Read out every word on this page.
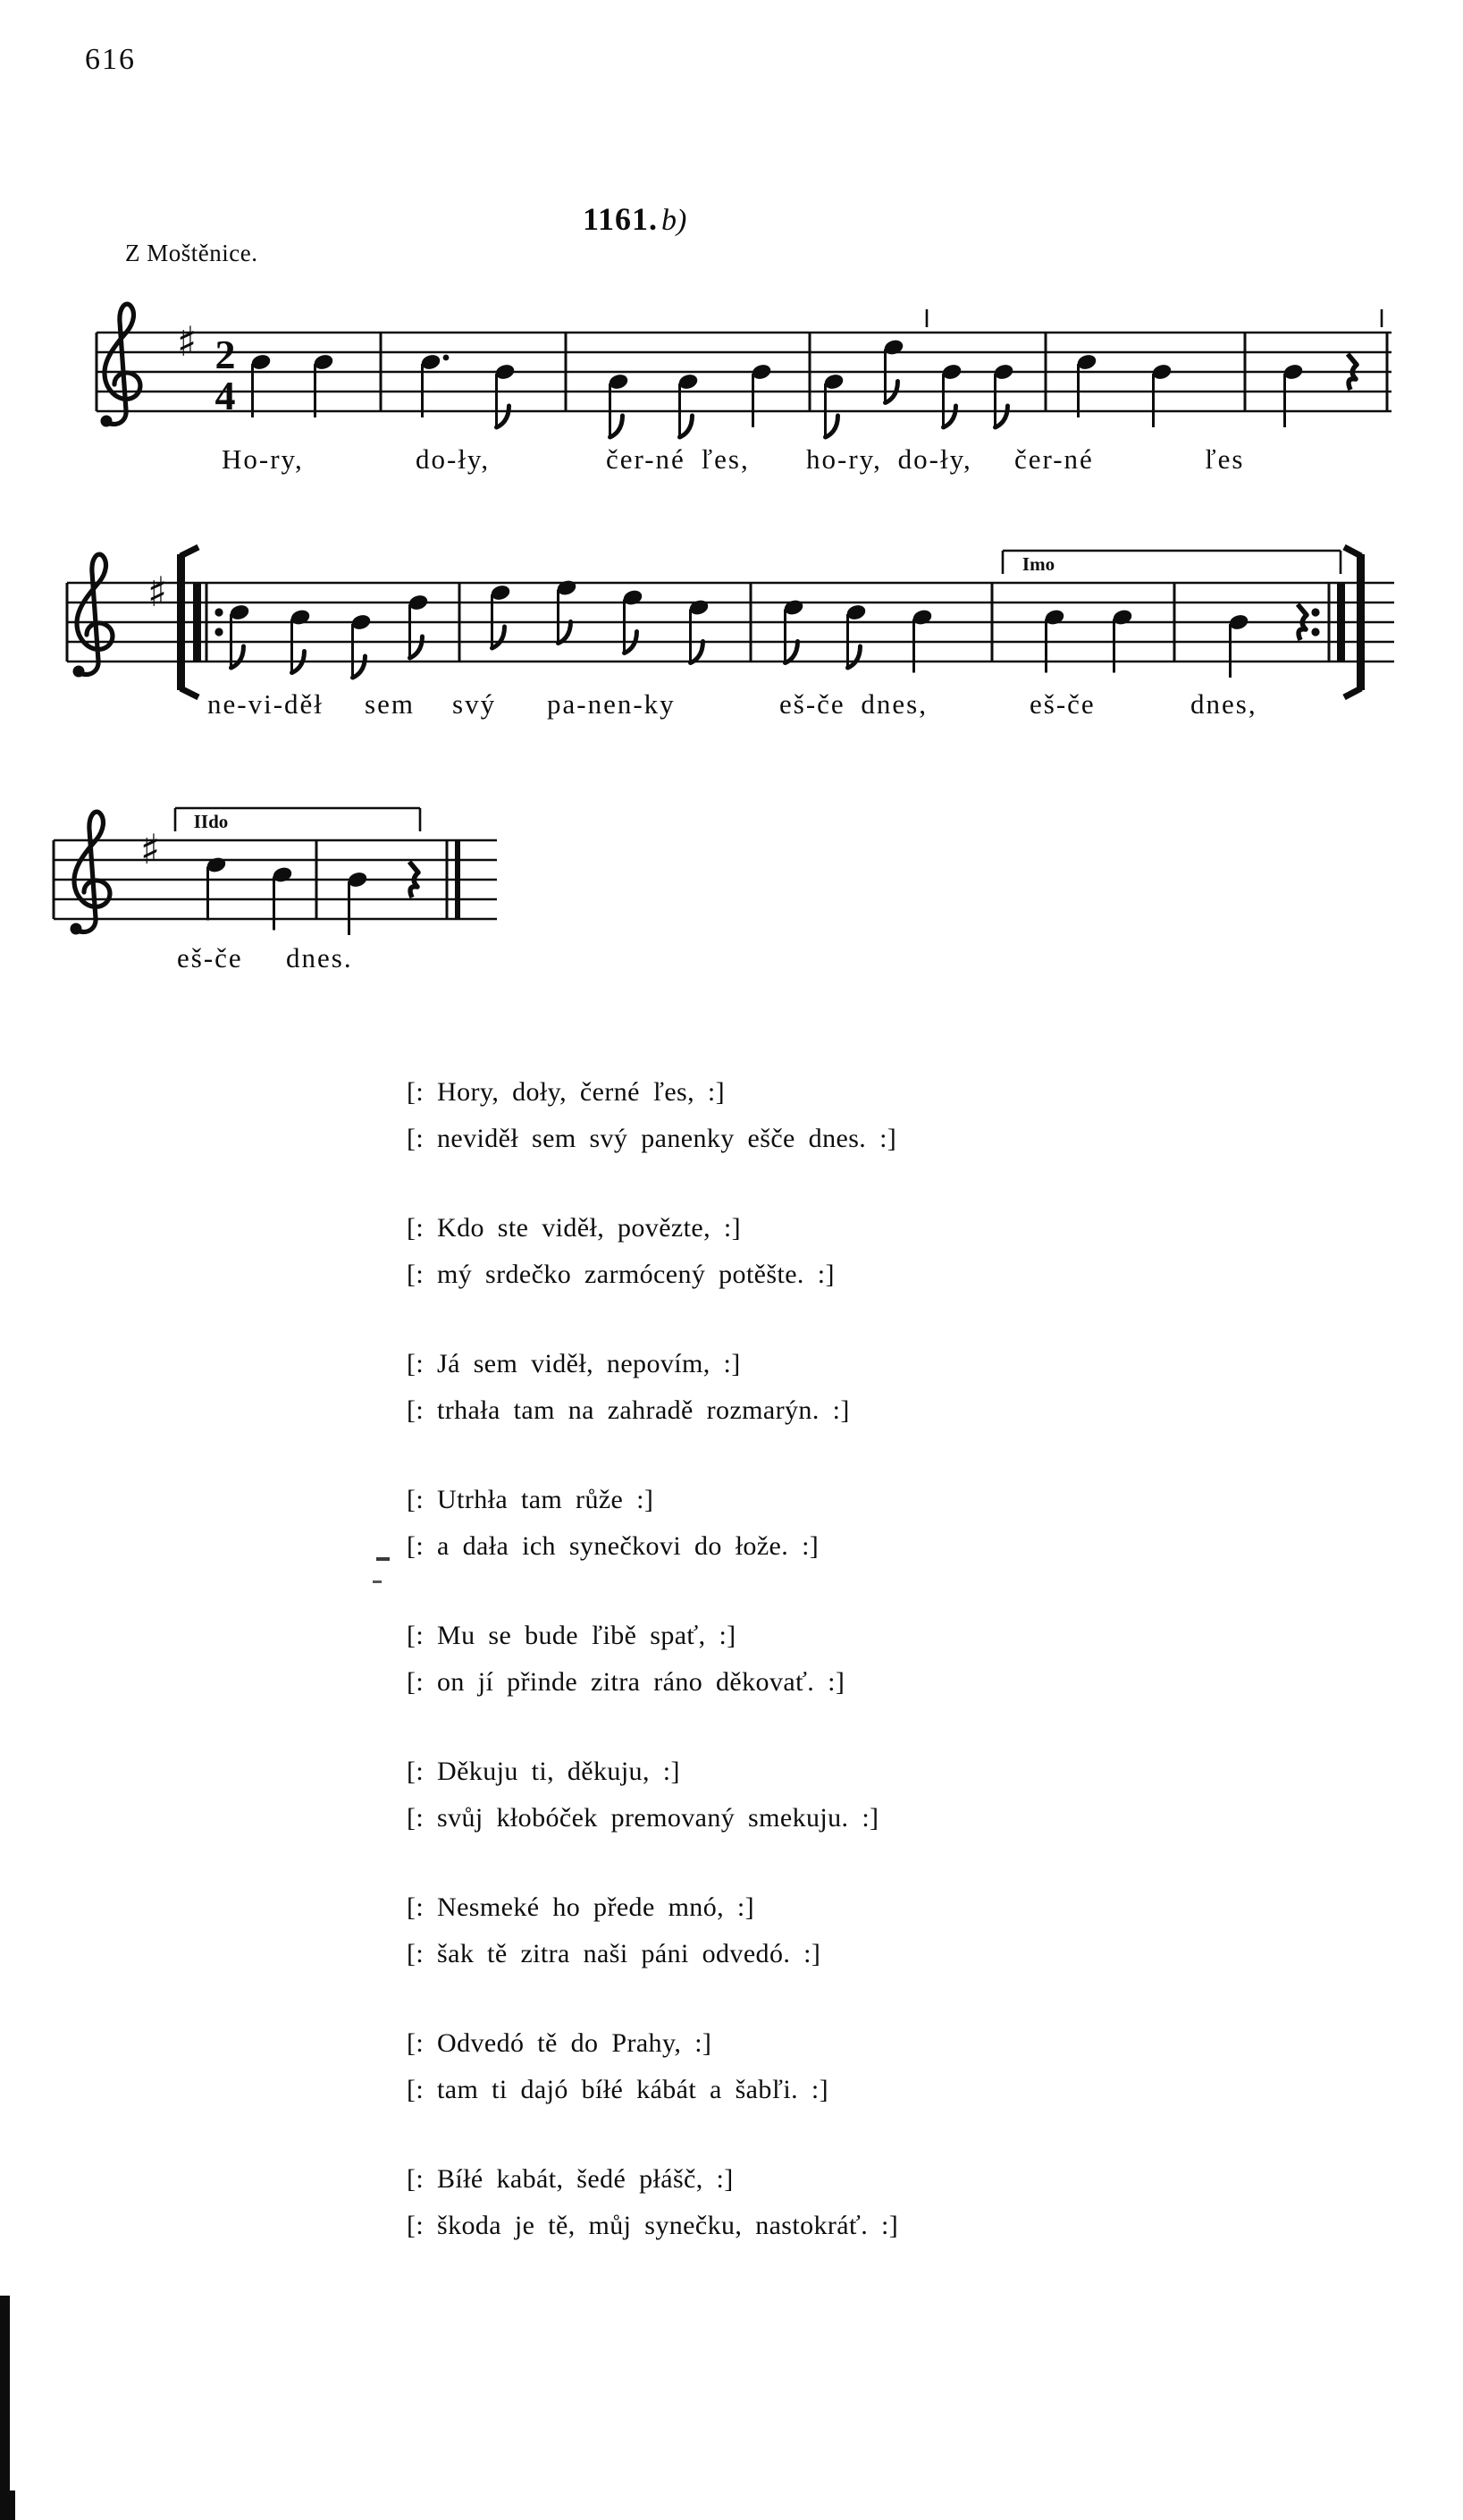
616
1161. b)
Z Moštěnice.
♯ 2
4
♯
Imo
♯
IIdo
Ho-ry,	do-ły,	čer-né ľes, ho-ry, do-ły, čer-né	ľes
ne-vi-děł sem svý pa-nen-ky	eš-če dnes,	eš-če	dnes,
eš-če dnes.
[: Hory, doły, černé ľes, :]
[: neviděł sem svý panenky ešče dnes. :]
[: Kdo ste viděł, povězte, :]
[: mý srdečko zarmócený potěšte. :]
[: Já sem viděł, nepovím, :]
[: trhała tam na zahradě rozmarýn. :]
[: Utrhła tam růže :]
[: a dała ich synečkovi do łože. :]
[: Mu se bude ľibě spať, :]
[: on jí přinde zitra ráno děkovať. :]
[: Děkuju ti, děkuju, :]
[: svůj kłobóček premovaný smekuju. :]
[: Nesmeké ho přede mnó, :]
[: šak tě zitra naši páni odvedó. :]
[: Odvedó tě do Prahy, :]
[: tam ti dajó bíłé kábát a šabľi. :]
[: Bíłé kabát, šedé płášč, :]
[: škoda je tě, můj synečku, nastokráť. :]
